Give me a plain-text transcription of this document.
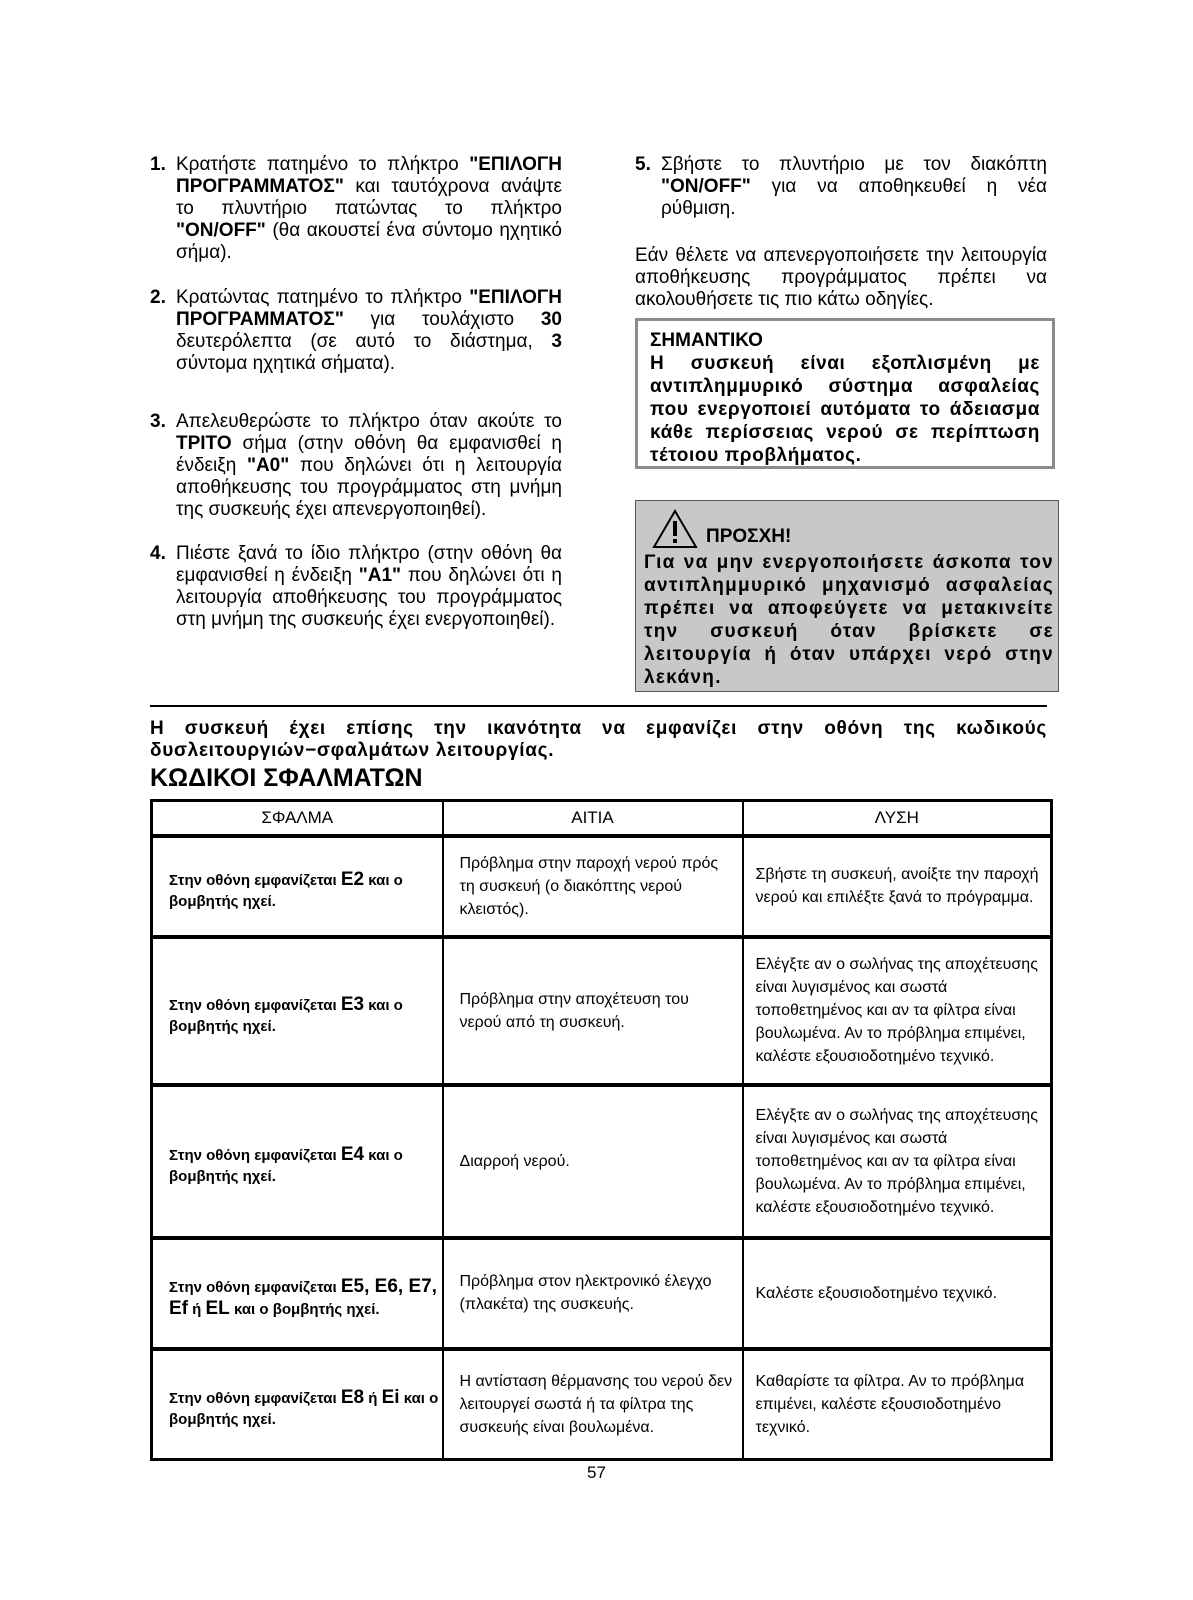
1. Κρατήστε πατημένο το πλήκτρο "ΕΠΙΛΟΓΗ ΠΡΟΓΡΑΜΜΑΤΟΣ" και ταυτόχρονα ανάψτε το πλυντήριο πατώντας το πλήκτρο "ON/OFF" (θα ακουστεί ένα σύντομο ηχητικό σήμα).
2. Κρατώντας πατημένο το πλήκτρο "ΕΠΙΛΟΓΗ ΠΡΟΓΡΑΜΜΑΤΟΣ" για τουλάχιστο 30 δευτερόλεπτα (σε αυτό το διάστημα, 3 σύντομα ηχητικά σήματα).
3. Απελευθερώστε το πλήκτρο όταν ακούτε το ΤΡΙΤΟ σήμα (στην οθόνη θα εμφανισθεί η ένδειξη "A0" που δηλώνει ότι η λειτουργία αποθήκευσης του προγράμματος στη μνήμη της συσκευής έχει απενεργοποιηθεί).
4. Πιέστε ξανά το ίδιο πλήκτρο (στην οθόνη θα εμφανισθεί η ένδειξη "A1" που δηλώνει ότι η λειτουργία αποθήκευσης του προγράμματος στη μνήμη της συσκευής έχει ενεργοποιηθεί).
5. Σβήστε το πλυντήριο με τον διακόπτη "ON/OFF" για να αποθηκευθεί η νέα ρύθμιση.
Εάν θέλετε να απενεργοποιήσετε την λειτουργία αποθήκευσης προγράμματος πρέπει να ακολουθήσετε τις πιο κάτω οδηγίες.
ΣΗΜΑΝΤΙΚΟ
Η συσκευή είναι εξοπλισμένη με αντιπλημμυρικό σύστημα ασφαλείας που ενεργοποιεί αυτόματα το άδειασμα κάθε περίσσειας νερού σε περίπτωση τέτοιου προβλήματος.
ΠΡΟΣΧΗ!
Για να μην ενεργοποιήσετε άσκοπα τον αντιπλημμυρικό μηχανισμό ασφαλείας πρέπει να αποφεύγετε να μετακινείτε την συσκευή όταν βρίσκετε σε λειτουργία ή όταν υπάρχει νερό στην λεκάνη.
Η συσκευή έχει επίσης την ικανότητα να εμφανίζει στην οθόνη της κωδικούς δυσλειτουργιών−σφαλμάτων λειτουργίας.
ΚΩΔΙΚΟΙ ΣΦΑΛΜΑΤΩΝ
ΣΦΑΛΜΑ	ΑΙΤΙΑ	ΛΥΣΗ
Στην οθόνη εμφανίζεται E2 και ο βομβητής ηχεί.	Πρόβλημα στην παροχή νερού πρός τη συσκευή (ο διακόπτης νερού κλειστός).	Σβήστε τη συσκευή, ανοίξτε την παροχή νερού και επιλέξτε ξανά το πρόγραμμα.
Στην οθόνη εμφανίζεται E3 και ο βομβητής ηχεί.	Πρόβλημα στην αποχέτευση του νερού από τη συσκευή.	Ελέγξτε αν ο σωλήνας της αποχέτευσης είναι λυγισμένος και σωστά τοποθετημένος και αν τα φίλτρα είναι βουλωμένα. Αν το πρόβλημα επιμένει, καλέστε εξουσιοδοτημένο τεχνικό.
Στην οθόνη εμφανίζεται E4 και ο βομβητής ηχεί.	Διαρροή νερού.	Ελέγξτε αν ο σωλήνας της αποχέτευσης είναι λυγισμένος και σωστά τοποθετημένος και αν τα φίλτρα είναι βουλωμένα. Αν το πρόβλημα επιμένει, καλέστε εξουσιοδοτημένο τεχνικό.
Στην οθόνη εμφανίζεται E5, E6, E7, Ef ή EL και ο βομβητής ηχεί.	Πρόβλημα στον ηλεκτρονικό έλεγχο (πλακέτα) της συσκευής.	Καλέστε εξουσιοδοτημένο τεχνικό.
Στην οθόνη εμφανίζεται E8 ή Ei και ο βομβητής ηχεί.	Η αντίσταση θέρμανσης του νερού δεν λειτουργεί σωστά ή τα φίλτρα της συσκευής είναι βουλωμένα.	Καθαρίστε τα φίλτρα. Αν το πρόβλημα επιμένει, καλέστε εξουσιοδοτημένο τεχνικό.
57
